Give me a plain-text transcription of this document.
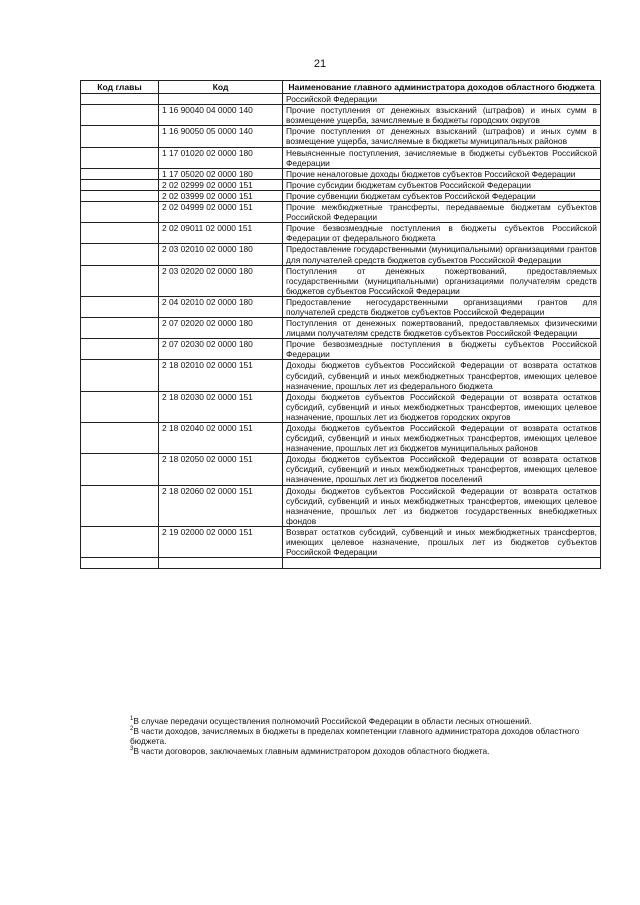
21
Код главы	Код	Наименование главного администратора доходов областного бюджета
		Российской Федерации
	1 16 90040 04 0000 140	Прочие поступления от денежных взысканий (штрафов) и иных сумм в возмещение ущерба, зачисляемые в бюджеты городских округов
	1 16 90050 05 0000 140	Прочие поступления от денежных взысканий (штрафов) и иных сумм в возмещение ущерба, зачисляемые в бюджеты муниципальных районов
	1 17 01020 02 0000 180	Невыясненные поступления, зачисляемые в бюджеты субъектов Российской Федерации
	1 17 05020 02 0000 180	Прочие неналоговые доходы бюджетов субъектов Российской Федерации
	2 02 02999 02 0000 151	Прочие субсидии бюджетам субъектов Российской Федерации
	2 02 03999 02 0000 151	Прочие субвенции бюджетам субъектов Российской Федерации
	2 02 04999 02 0000 151	Прочие межбюджетные трансферты, передаваемые бюджетам субъектов Российской Федерации
	2 02 09011 02 0000 151	Прочие безвозмездные поступления в бюджеты субъектов Российской Федерации от федерального бюджета
	2 03 02010 02 0000 180	Предоставление государственными (муниципальными) организациями грантов для получателей средств бюджетов субъектов Российской Федерации
	2 03 02020 02 0000 180	Поступления от денежных пожертвований, предоставляемых государственными (муниципальными) организациями получателям средств бюджетов субъектов Российской Федерации
	2 04 02010 02 0000 180	Предоставление негосударственными организациями грантов для получателей средств бюджетов субъектов Российской Федерации
	2 07 02020 02 0000 180	Поступления от денежных пожертвований, предоставляемых физическими лицами получателям средств бюджетов субъектов Российской Федерации
	2 07 02030 02 0000 180	Прочие безвозмездные поступления в бюджеты субъектов Российской Федерации
	2 18 02010 02 0000 151	Доходы бюджетов субъектов Российской Федерации от возврата остатков субсидий, субвенций и иных межбюджетных трансфертов, имеющих целевое назначение, прошлых лет из федерального бюджета
	2 18 02030 02 0000 151	Доходы бюджетов субъектов Российской Федерации от возврата остатков субсидий, субвенций и иных межбюджетных трансфертов, имеющих целевое назначение, прошлых лет из бюджетов городских округов
	2 18 02040 02 0000 151	Доходы бюджетов субъектов Российской Федерации от возврата остатков субсидий, субвенций и иных межбюджетных трансфертов, имеющих целевое назначение, прошлых лет из бюджетов муниципальных районов
	2 18 02050 02 0000 151	Доходы бюджетов субъектов Российской Федерации от возврата остатков субсидий, субвенций и иных межбюджетных трансфертов, имеющих целевое назначение, прошлых лет из бюджетов поселений
	2 18 02060 02 0000 151	Доходы бюджетов субъектов Российской Федерации от возврата остатков субсидий, субвенций и иных межбюджетных трансфертов, имеющих целевое назначение, прошлых лет из бюджетов государственных внебюджетных фондов
	2 19 02000 02 0000 151	Возврат остатков субсидий, субвенций и иных межбюджетных трансфертов, имеющих целевое назначение, прошлых лет из бюджетов субъектов Российской Федерации

$^1$В случае передачи осуществления полномочий Российской Федерации в области лесных отношений.
$^2$В части доходов, зачисляемых в бюджеты в пределах компетенции главного администратора доходов областного бюджета.
$^3$В части договоров, заключаемых главным администратором доходов областного бюджета.
